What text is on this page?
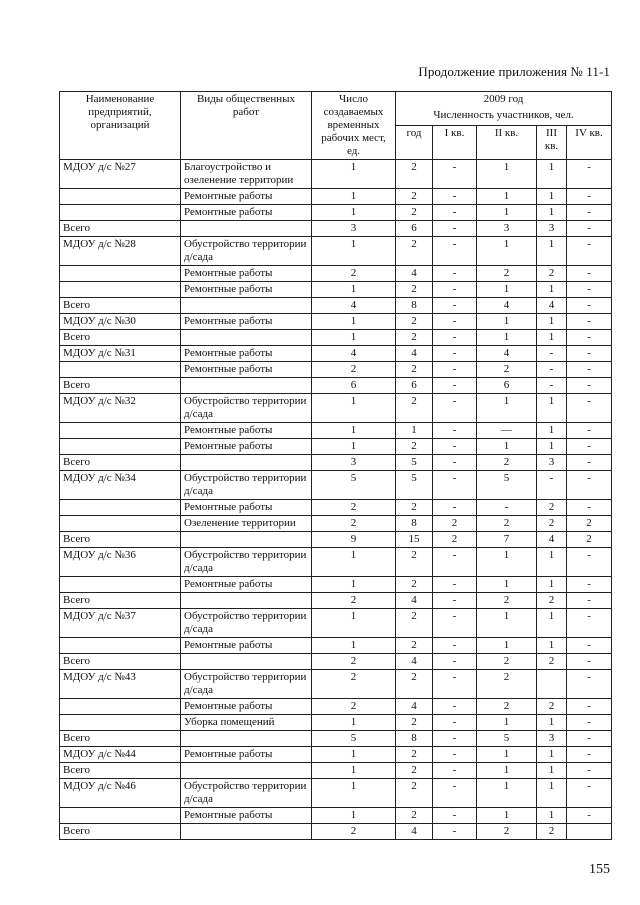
Продолжение приложения № 11-1
Наименование предприятий, организаций	Виды общественных работ	Число создаваемых временных рабочих мест, ед.	2009 год				
			Численность участников, чел.				
			год	I кв.	II кв.	III кв.	IV кв.
МДОУ д/с №27	Благоустройство и озеленение территории	1	2	-	1	1	-
	Ремонтные работы	1	2	-	1	1	-
	Ремонтные работы	1	2	-	1	1	-
Всего		3	6	-	3	3	-
МДОУ д/с №28	Обустройство территории д/сада	1	2	-	1	1	-
	Ремонтные работы	2	4	-	2	2	-
	Ремонтные работы	1	2	-	1	1	-
Всего		4	8	-	4	4	-
МДОУ д/с №30	Ремонтные работы	1	2	-	1	1	-
Всего		1	2	-	1	1	-
МДОУ д/с №31	Ремонтные работы	4	4	-	4	-	-
	Ремонтные работы	2	2	-	2	-	-
Всего		6	6	-	6	-	-
МДОУ д/с №32	Обустройство территории д/сада	1	2	-	1	1	-
	Ремонтные работы	1	1	-	—	1	-
	Ремонтные работы	1	2	-	1	1	-
Всего		3	5	-	2	3	-
МДОУ д/с №34	Обустройство территории д/сада	5	5	-	5	-	-
	Ремонтные работы	2	2	-	-	2	-
	Озеленение территории	2	8	2	2	2	2
Всего		9	15	2	7	4	2
МДОУ д/с №36	Обустройство территории д/сада	1	2	-	1	1	-
	Ремонтные работы	1	2	-	1	1	-
Всего		2	4	-	2	2	-
МДОУ д/с №37	Обустройство территории д/сада	1	2	-	1	1	-
	Ремонтные работы	1	2	-	1	1	-
Всего		2	4	-	2	2	-
МДОУ д/с №43	Обустройство территории д/сада	2	2	-	2		-
	Ремонтные работы	2	4	-	2	2	-
	Уборка помещений	1	2	-	1	1	-
Всего		5	8	-	5	3	-
МДОУ д/с №44	Ремонтные работы	1	2	-	1	1	-
Всего		1	2	-	1	1	-
МДОУ д/с №46	Обустройство территории д/сада	1	2	-	1	1	-
	Ремонтные работы	1	2	-	1	1	-
Всего		2	4	-	2	2	
155
